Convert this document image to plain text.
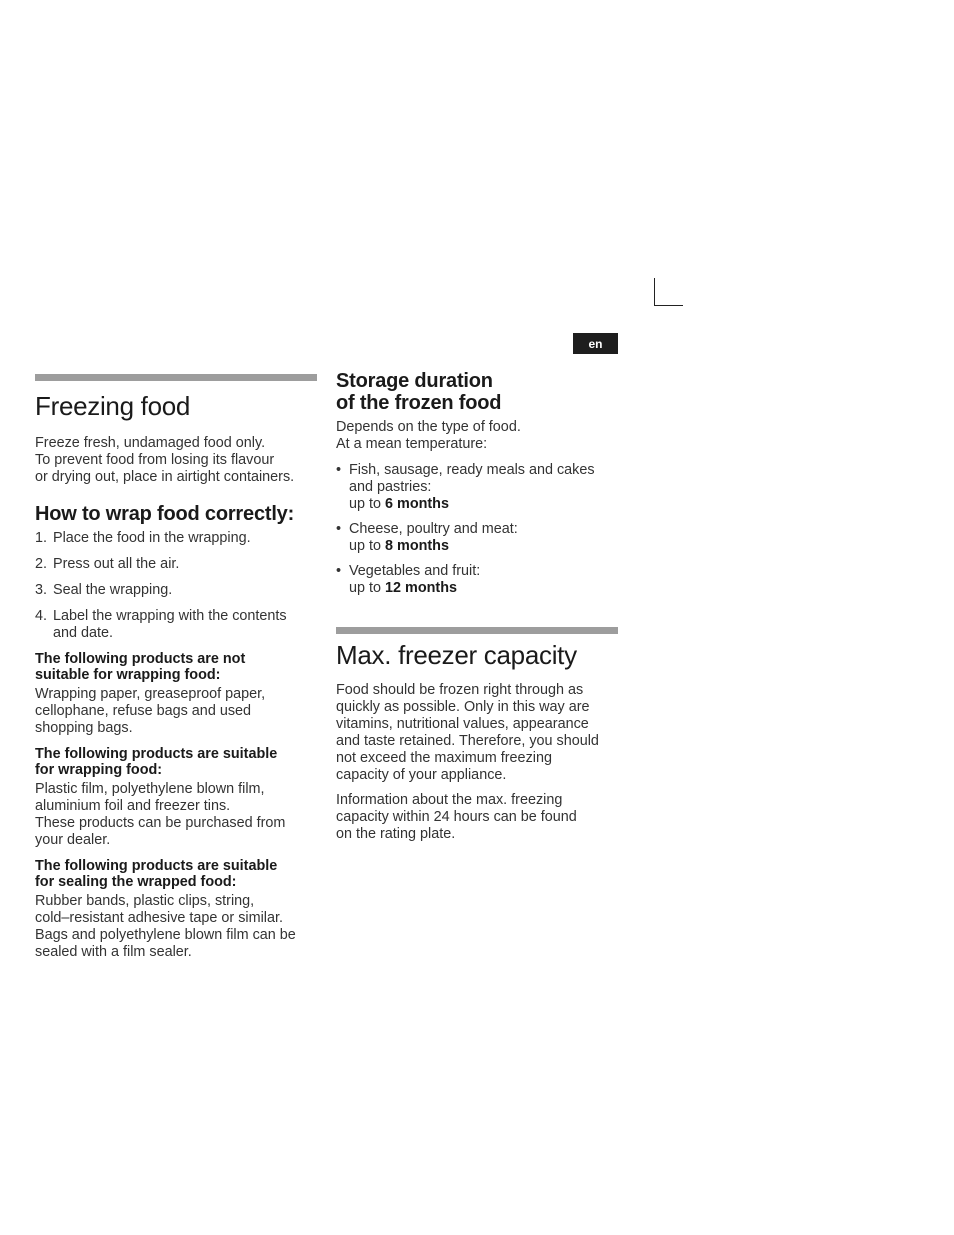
en
Freezing food

Freeze fresh, undamaged food only.
To prevent food from losing its flavour
or drying out, place in airtight containers.

How to wrap food correctly:
1. Place the food in the wrapping.
2. Press out all the air.
3. Seal the wrapping.
4. Label the wrapping with the contents
and date.

The following products are not
suitable for wrapping food:

Wrapping paper, greaseproof paper,
cellophane, refuse bags and used
shopping bags.

The following products are suitable
for wrapping food:

Plastic film, polyethylene blown film,
aluminium foil and freezer tins.
These products can be purchased from
your dealer.

The following products are suitable
for sealing the wrapped food:

Rubber bands, plastic clips, string,
cold–resistant adhesive tape or similar.
Bags and polyethylene blown film can be
sealed with a film sealer.

Storage duration
of the frozen food

Depends on the type of food.
At a mean temperature:

• Fish, sausage, ready meals and cakes
and pastries:
up to 6 months
• Cheese, poultry and meat:
up to 8 months
• Vegetables and fruit:
up to 12 months
Max. freezer capacity

Food should be frozen right through as
quickly as possible. Only in this way are
vitamins, nutritional values, appearance
and taste retained. Therefore, you should
not exceed the maximum freezing
capacity of your appliance.

Information about the max. freezing
capacity within 24 hours can be found
on the rating plate.
